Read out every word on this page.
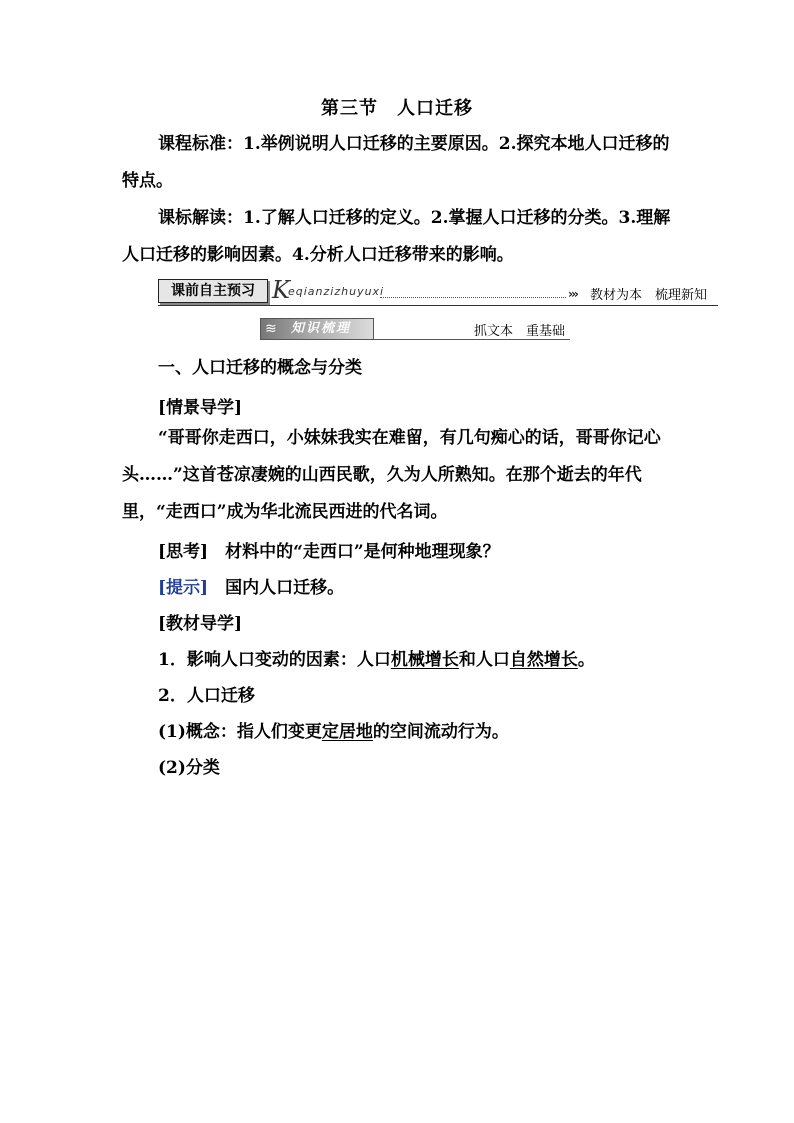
第三节　人口迁移
课程标准：1.举例说明人口迁移的主要原因。2.探究本地人口迁移的特点。
课标解读：1.了解人口迁移的定义。2.掌握人口迁移的分类。3.理解人口迁移的影响因素。4.分析人口迁移带来的影响。
课前自主预习 K
eqianzizhuyuxi	››› 教材为本　梳理新知
≋	知识梳理	抓文本　重基础
一、人口迁移的概念与分类
[情景导学]
“哥哥你走西口，小妹妹我实在难留，有几句痴心的话，哥哥你记心头……”这首苍凉凄婉的山西民歌，久为人所熟知。在那个逝去的年代里，“走西口”成为华北流民西进的代名词。
[思考]　材料中的“走西口”是何种地理现象？
[提示]　国内人口迁移。
[教材导学]
1．影响人口变动的因素：人口机械增长和人口自然增长。
2．人口迁移
(1)概念：指人们变更定居地的空间流动行为。
(2)分类
